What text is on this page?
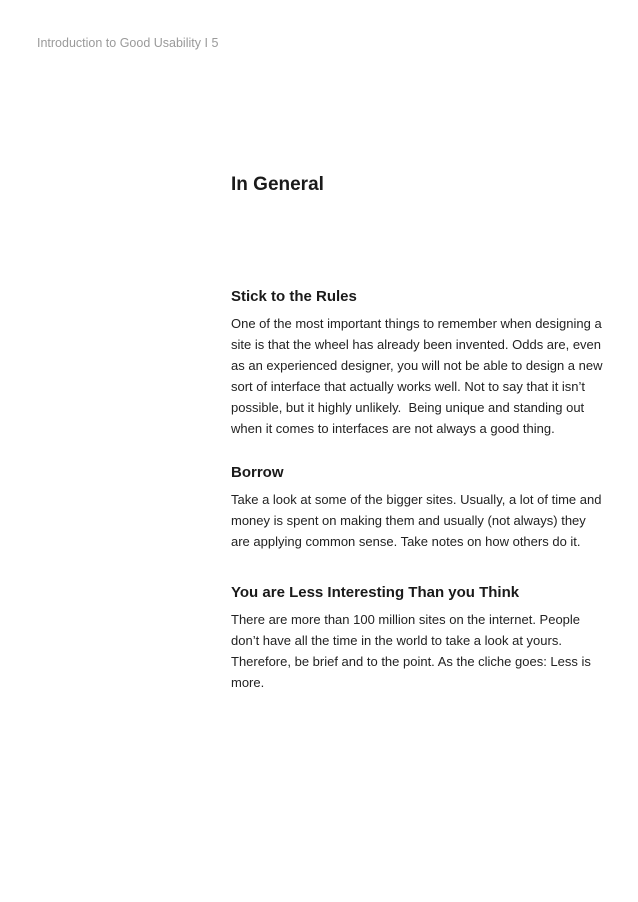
Introduction to Good Usability I 5
In General
Stick to the Rules

One of the most important things to remember when designing a
site is that the wheel has already been invented. Odds are, even
as an experienced designer, you will not be able to design a new
sort of interface that actually works well. Not to say that it isn’t
possible, but it highly unlikely.  Being unique and standing out
when it comes to interfaces are not always a good thing.

Borrow

Take a look at some of the bigger sites. Usually, a lot of time and
money is spent on making them and usually (not always) they
are applying common sense. Take notes on how others do it.

You are Less Interesting Than you Think

There are more than 100 million sites on the internet. People
don’t have all the time in the world to take a look at yours.
Therefore, be brief and to the point. As the cliche goes: Less is
more.
